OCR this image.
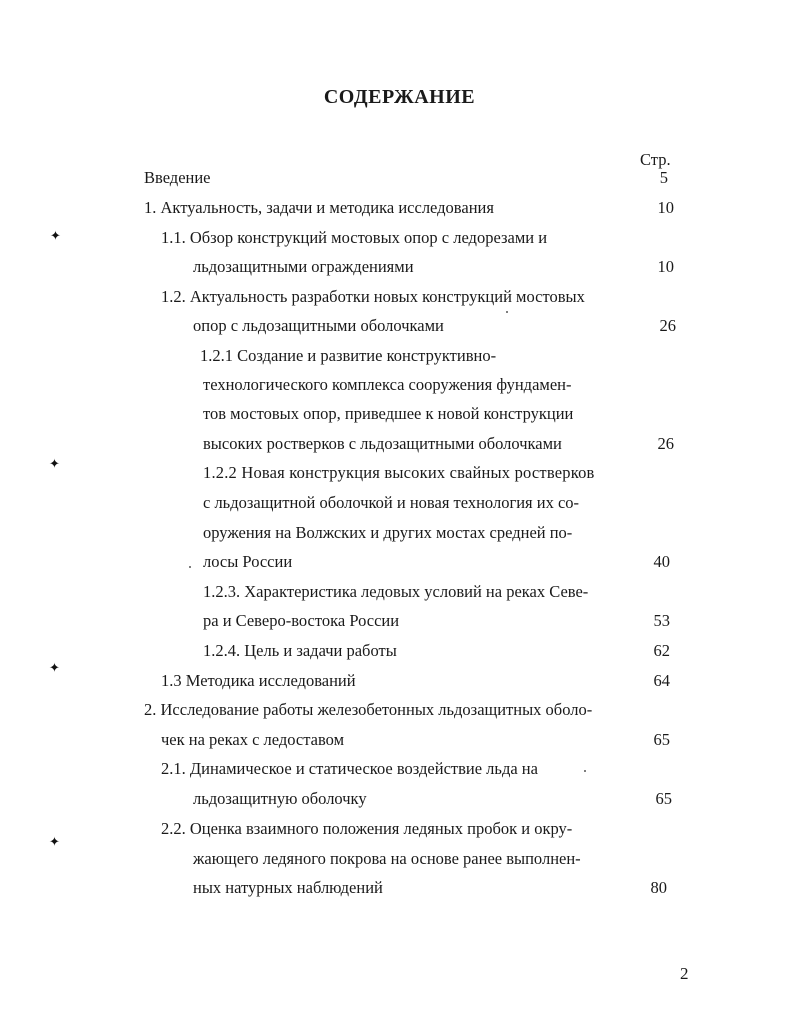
СОДЕРЖАНИЕ
Стр.
Введение	5
1. Актуальность, задачи и методика исследования	10
1.1. Обзор конструкций мостовых опор с ледорезами и
льдозащитными ограждениями	10
1.2. Актуальность разработки новых конструкций мостовых
опор с льдозащитными оболочками	26
1.2.1 Создание и развитие конструктивно-
технологического комплекса сооружения фундамен-
тов мостовых опор, приведшее к новой конструкции
высоких ростверков с льдозащитными оболочками	26
1.2.2 Новая конструкция высоких свайных ростверков
с льдозащитной оболочкой и новая технология их со-
оружения на Волжских и других мостах средней по-
лосы России	40
1.2.3. Характеристика ледовых условий на реках Севе-
ра и Северо-востока России	53
1.2.4. Цель и задачи работы	62
1.3 Методика исследований	64
2. Исследование работы железобетонных льдозащитных оболо-
чек на реках с ледоставом	65
2.1. Динамическое и статическое воздействие льда на
льдозащитную оболочку	65
2.2. Оценка взаимного положения ледяных пробок и окру-
жающего ледяного покрова на основе ранее выполнен-
ных натурных наблюдений	80
2
✦
✦
✦
✦
